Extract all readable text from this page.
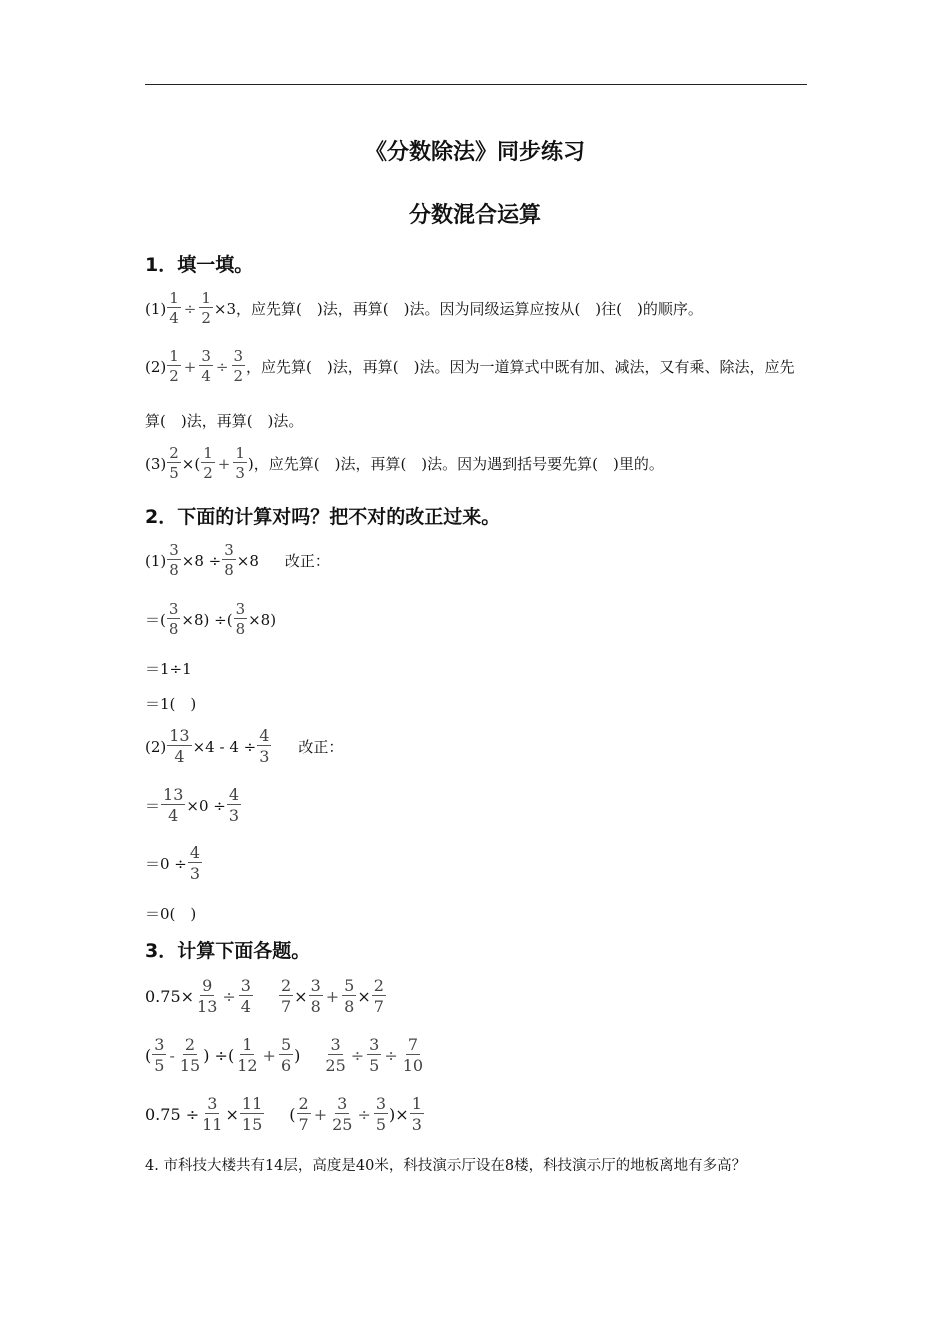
《分数除法》同步练习
分数混合运算
1．填一填。
$(1) \frac{1}{4} \div \frac{1}{2} \times 3$ ，应先算(　)法，再算(　)法。因为同级运算应按从(　)往(　)的顺序。
$(2) \frac{1}{2} + \frac{3}{4} \div \frac{3}{2}$ ，应先算(　)法，再算(　)法。因为一道算式中既有加、减法，又有乘、除法，应先
算(　)法，再算(　)法。
$(3) \frac{2}{5}$ ×( $\frac{1}{2} + \frac{1}{3}$ ) ，应先算(　)法，再算(　)法。因为遇到括号要先算(　)里的。
2．下面的计算对吗？把不对的改正过来。
$(1) \frac{3}{8} \times 8 \div \frac{3}{8} \times 8$ 改正：
＝( $\frac{3}{8} \times 8$) ÷( $\frac{3}{8} \times 8$)
＝1÷1
＝1(　)
$(2) \frac{13}{4} \times 4 - 4 \div \frac{4}{3}$ 改正：
＝ $\frac{13}{4} \times 0 \div \frac{4}{3}$
$=0 \div \frac{4}{3}$
＝0(　)
3．计算下面各题。
$0.75\times \frac{9}{13} \div \frac{3}{4} \frac{2}{7} \times \frac{3}{8} + \frac{5}{8} \times \frac{2}{7}$
( $\frac{3}{5} - \frac{2}{15}$ ) ÷( $\frac{1}{12} + \frac{5}{6}$ ) $\frac{3}{25} \div \frac{3}{5} \div \frac{7}{10}$
$0.75 \div \frac{3}{11} \times \frac{11}{15}$ ( $\frac{2}{7} + \frac{3}{25} \div \frac{3}{5}$ )× $\frac{1}{3}$
4. 市科技大楼共有14层，高度是40米，科技演示厅设在8楼，科技演示厅的地板离地有多高？
